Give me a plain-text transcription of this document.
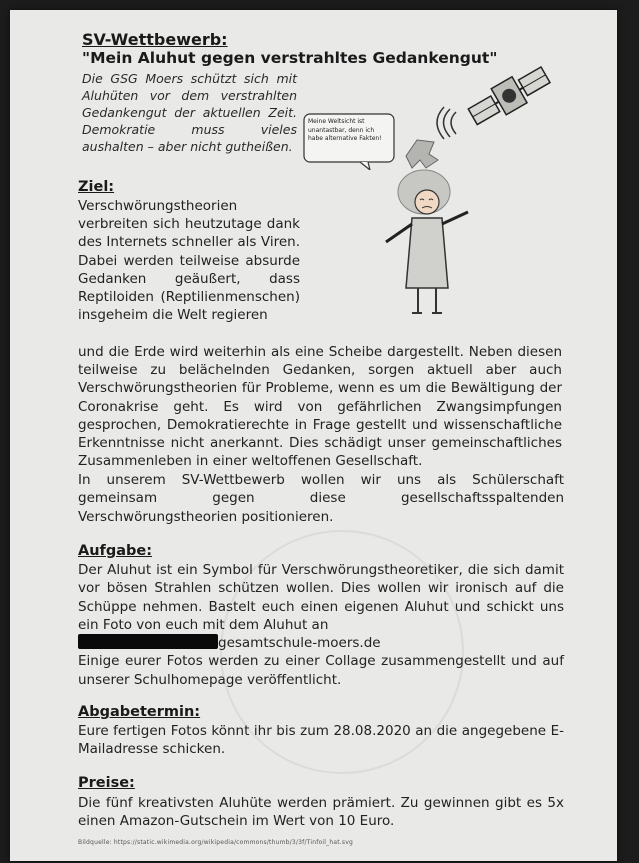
SV-Wettbewerb:
"Mein Aluhut gegen verstrahltes Gedankengut"
Die GSG Moers schützt sich mit Aluhüten vor dem verstrahlten Gedankengut der aktuellen Zeit. Demokratie muss vieles aushalten – aber nicht gutheißen.
Meine Weltsicht ist unantastbar, denn ich habe alternative Fakten!
Ziel:
Verschwörungstheorien verbreiten sich heutzutage dank des Internets schneller als Viren. Dabei werden teilweise absurde Gedanken geäußert, dass Reptiloiden (Reptilienmenschen) insgeheim die Welt regieren
und die Erde wird weiterhin als eine Scheibe dargestellt. Neben diesen teilweise zu belächelnden Gedanken, sorgen aktuell aber auch Verschwörungstheorien für Probleme, wenn es um die Bewältigung der Coronakrise geht. Es wird von gefährlichen Zwangsimpfungen gesprochen, Demokratierechte in Frage gestellt und wissenschaftliche Erkenntnisse nicht anerkannt. Dies schädigt unser gemeinschaftliches Zusammenleben in einer weltoffenen Gesellschaft.
In unserem SV-Wettbewerb wollen wir uns als Schülerschaft gemeinsam gegen diese gesellschaftsspaltenden Verschwörungstheorien positionieren.
Aufgabe:
Der Aluhut ist ein Symbol für Verschwörungstheoretiker, die sich damit vor bösen Strahlen schützen wollen. Dies wollen wir ironisch auf die Schüppe nehmen. Bastelt euch einen eigenen Aluhut und schickt uns ein Foto von euch mit dem Aluhut an
gesamtschule-moers.de
Einige eurer Fotos werden zu einer Collage zusammengestellt und auf unserer Schulhomepage veröffentlicht.
Abgabetermin:
Eure fertigen Fotos könnt ihr bis zum 28.08.2020 an die angegebene E-Mailadresse schicken.
Preise:
Die fünf kreativsten Aluhüte werden prämiert. Zu gewinnen gibt es 5x einen Amazon-Gutschein im Wert von 10 Euro.
Bildquelle: https://static.wikimedia.org/wikipedia/commons/thumb/3/3f/Tinfoil_hat.svg
